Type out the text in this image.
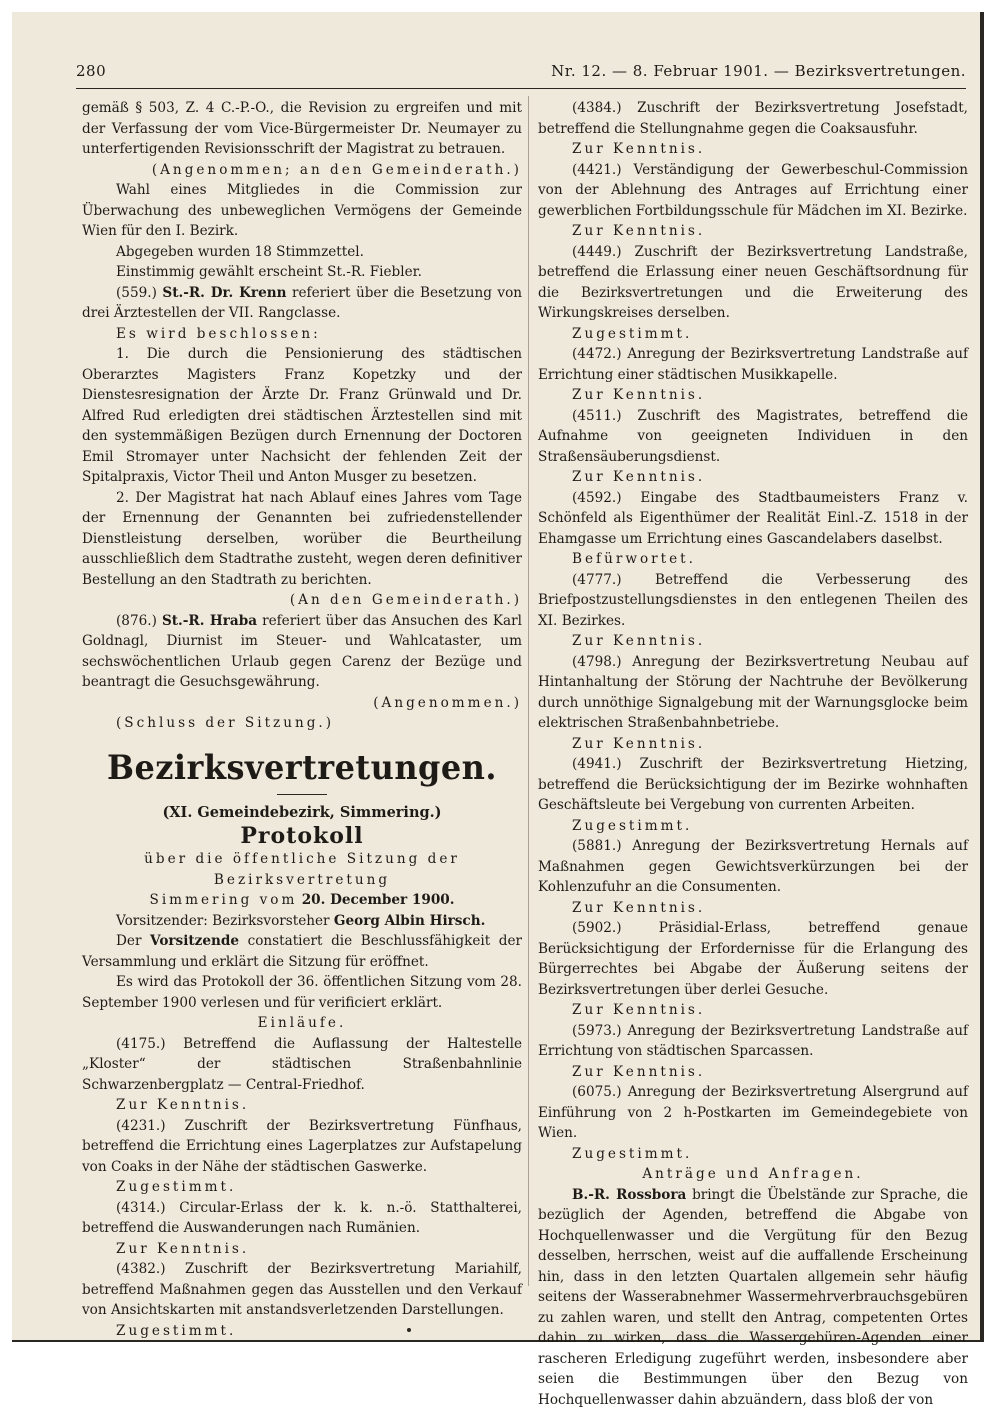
280	Nr. 12. — 8. Februar 1901. — Bezirksvertretungen.

gemäß § 503, Z. 4 C.-P.-O., die Revision zu ergreifen und mit der Verfassung der vom Vice-Bürgermeister Dr. Neumayer zu unterfertigenden Revisionsschrift der Magistrat zu betrauen.

(Angenommen; an den Gemeinderath.)

Wahl eines Mitgliedes in die Commission zur Überwachung des unbeweglichen Vermögens der Gemeinde Wien für den I. Bezirk.

Abgegeben wurden 18 Stimmzettel.

Einstimmig gewählt erscheint St.-R. Fiebler.

(559.) St.-R. Dr. Krenn referiert über die Besetzung von drei Ärztestellen der VII. Rangclasse.

Es wird beschlossen:

1. Die durch die Pensionierung des städtischen Oberarztes Magisters Franz Kopetzky und der Dienstesresignation der Ärzte Dr. Franz Grünwald und Dr. Alfred Rud erledigten drei städtischen Ärztestellen sind mit den systemmäßigen Bezügen durch Ernennung der Doctoren Emil Stromayer unter Nachsicht der fehlenden Zeit der Spitalpraxis, Victor Theil und Anton Musger zu besetzen.

2. Der Magistrat hat nach Ablauf eines Jahres vom Tage der Ernennung der Genannten bei zufriedenstellender Dienstleistung derselben, worüber die Beurtheilung ausschließlich dem Stadtrathe zusteht, wegen deren definitiver Bestellung an den Stadtrath zu berichten.

(An den Gemeinderath.)

(876.) St.-R. Hraba referiert über das Ansuchen des Karl Goldnagl, Diurnist im Steuer- und Wahlcataster, um sechswöchentlichen Urlaub gegen Carenz der Bezüge und beantragt die Gesuchsgewährung.

(Angenommen.)

(Schluss der Sitzung.)

Bezirksvertretungen.

(XI. Gemeindebezirk, Simmering.)

Protokoll

über die öffentliche Sitzung der Bezirksvertretung

Simmering vom 20. December 1900.

Vorsitzender: Bezirksvorsteher Georg Albin Hirsch.

Der Vorsitzende constatiert die Beschlussfähigkeit der Versammlung und erklärt die Sitzung für eröffnet.

Es wird das Protokoll der 36. öffentlichen Sitzung vom 28. September 1900 verlesen und für verificiert erklärt.

Einläufe.

(4175.) Betreffend die Auflassung der Haltestelle „Kloster“ der städtischen Straßenbahnlinie Schwarzenbergplatz — Central-Friedhof.

Zur Kenntnis.

(4231.) Zuschrift der Bezirksvertretung Fünfhaus, betreffend die Errichtung eines Lagerplatzes zur Aufstapelung von Coaks in der Nähe der städtischen Gaswerke.

Zugestimmt.

(4314.) Circular-Erlass der k. k. n.-ö. Statthalterei, betreffend die Auswanderungen nach Rumänien.

Zur Kenntnis.

(4382.) Zuschrift der Bezirksvertretung Mariahilf, betreffend Maßnahmen gegen das Ausstellen und den Verkauf von Ansichtskarten mit anstandsverletzenden Darstellungen.

Zugestimmt.

(4384.) Zuschrift der Bezirksvertretung Josefstadt, betreffend die Stellungnahme gegen die Coaksausfuhr.

Zur Kenntnis.

(4421.) Verständigung der Gewerbeschul-Commission von der Ablehnung des Antrages auf Errichtung einer gewerblichen Fortbildungsschule für Mädchen im XI. Bezirke.

Zur Kenntnis.

(4449.) Zuschrift der Bezirksvertretung Landstraße, betreffend die Erlassung einer neuen Geschäftsordnung für die Bezirksvertretungen und die Erweiterung des Wirkungskreises derselben.

Zugestimmt.

(4472.) Anregung der Bezirksvertretung Landstraße auf Errichtung einer städtischen Musikkapelle.

Zur Kenntnis.

(4511.) Zuschrift des Magistrates, betreffend die Aufnahme von geeigneten Individuen in den Straßensäuberungsdienst.

Zur Kenntnis.

(4592.) Eingabe des Stadtbaumeisters Franz v. Schönfeld als Eigenthümer der Realität Einl.-Z. 1518 in der Ehamgasse um Errichtung eines Gascandelabers daselbst.

Befürwortet.

(4777.) Betreffend die Verbesserung des Briefpostzustellungsdienstes in den entlegenen Theilen des XI. Bezirkes.

Zur Kenntnis.

(4798.) Anregung der Bezirksvertretung Neubau auf Hintanhaltung der Störung der Nachtruhe der Bevölkerung durch unnöthige Signalgebung mit der Warnungsglocke beim elektrischen Straßenbahnbetriebe.

Zur Kenntnis.

(4941.) Zuschrift der Bezirksvertretung Hietzing, betreffend die Berücksichtigung der im Bezirke wohnhaften Geschäftsleute bei Vergebung von currenten Arbeiten.

Zugestimmt.

(5881.) Anregung der Bezirksvertretung Hernals auf Maßnahmen gegen Gewichtsverkürzungen bei der Kohlenzufuhr an die Consumenten.

Zur Kenntnis.

(5902.) Präsidial-Erlass, betreffend genaue Berücksichtigung der Erfordernisse für die Erlangung des Bürgerrechtes bei Abgabe der Äußerung seitens der Bezirksvertretungen über derlei Gesuche.

Zur Kenntnis.

(5973.) Anregung der Bezirksvertretung Landstraße auf Errichtung von städtischen Sparcassen.

Zur Kenntnis.

(6075.) Anregung der Bezirksvertretung Alsergrund auf Einführung von 2 h-Postkarten im Gemeindegebiete von Wien.

Zugestimmt.

Anträge und Anfragen.

B.-R. Rossbora bringt die Übelstände zur Sprache, die bezüglich der Agenden, betreffend die Abgabe von Hochquellenwasser und die Vergütung für den Bezug desselben, herrschen, weist auf die auffallende Erscheinung hin, dass in den letzten Quartalen allgemein sehr häufig seitens der Wasserabnehmer Wassermehrverbrauchsgebüren zu zahlen waren, und stellt den Antrag, competenten Ortes dahin zu wirken, dass die Wassergebüren-Agenden einer rascheren Erledigung zugeführt werden, insbesondere aber seien die Bestimmungen über den Bezug von Hochquellenwasser dahin abzuändern, dass bloß der von
